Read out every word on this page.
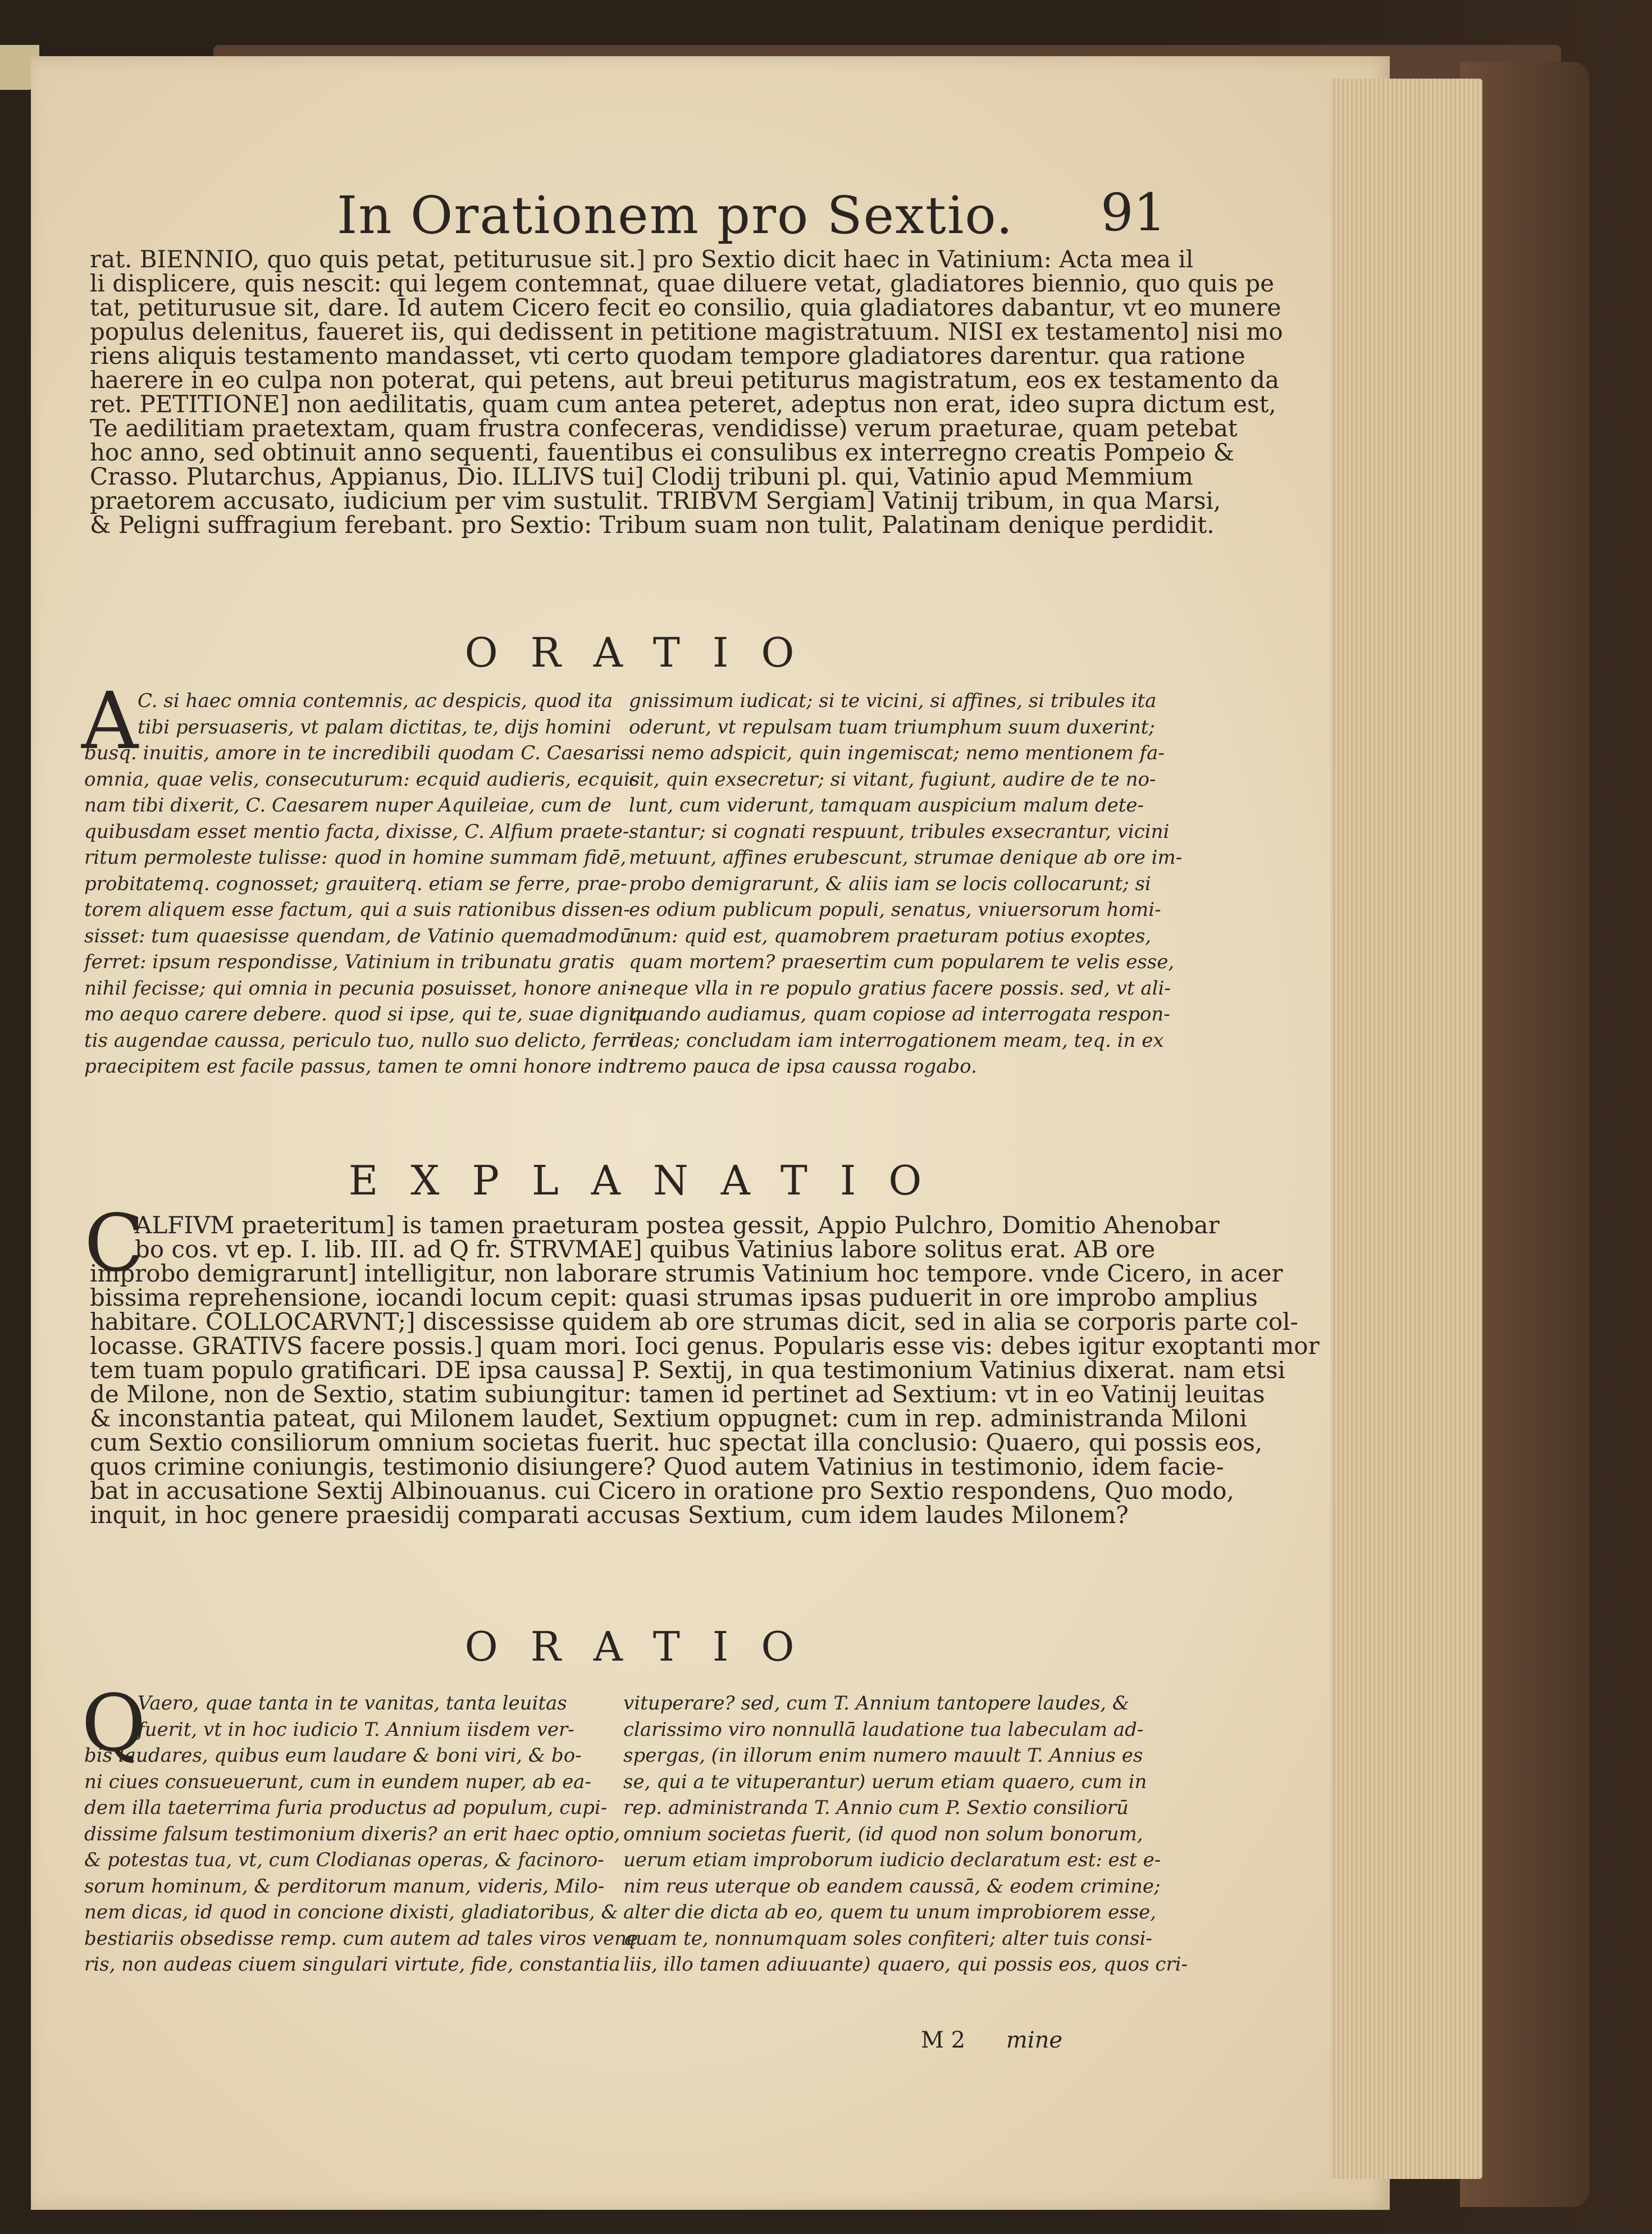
In Orationem pro Sextio. 91

rat. BIENNIO, quo quis petat, petiturusue sit.] pro Sextio dicit haec in Vatinium: Acta mea il

li displicere, quis nescit: qui legem contemnat, quae diluere vetat, gladiatores biennio, quo quis pe

tat, petiturusue sit, dare. Id autem Cicero fecit eo consilio, quia gladiatores dabantur, vt eo munere

populus delenitus, faueret iis, qui dedissent in petitione magistratuum. NISI ex testamento] nisi mo

riens aliquis testamento mandasset, vti certo quodam tempore gladiatores darentur. qua ratione

haerere in eo culpa non poterat, qui petens, aut breui petiturus magistratum, eos ex testamento da

ret. PETITIONE] non aedilitatis, quam cum antea peteret, adeptus non erat, ideo supra dictum est,

Te aedilitiam praetextam, quam frustra confeceras, vendidisse) verum praeturae, quam petebat

hoc anno, sed obtinuit anno sequenti, fauentibus ei consulibus ex interregno creatis Pompeio &

Crasso. Plutarchus, Appianus, Dio. ILLIVS tui] Clodij tribuni pl. qui, Vatinio apud Memmium

praetorem accusato, iudicium per vim sustulit. TRIBVM Sergiam] Vatinij tribum, in qua Marsi,

& Peligni suffragium ferebant. pro Sextio: Tribum suam non tulit, Palatinam denique perdidit.

ORATIO
A

C. si haec omnia contemnis, ac despicis, quod ita

tibi persuaseris, vt palam dictitas, te, dijs homini

busq. inuitis, amore in te incredibili quodam C. Caesaris

omnia, quae velis, consecuturum: ecquid audieris, ecquis

nam tibi dixerit, C. Caesarem nuper Aquileiae, cum de

quibusdam esset mentio facta, dixisse, C. Alfium praete-

ritum permoleste tulisse: quod in homine summam fidē,

probitatemq. cognosset; grauiterq. etiam se ferre, prae-

torem aliquem esse factum, qui a suis rationibus dissen-

sisset: tum quaesisse quendam, de Vatinio quemadmodū

ferret: ipsum respondisse, Vatinium in tribunatu gratis

nihil fecisse; qui omnia in pecunia posuisset, honore ani-

mo aequo carere debere. quod si ipse, qui te, suae dignita

tis augendae caussa, periculo tuo, nullo suo delicto, ferri

praecipitem est facile passus, tamen te omni honore indi

gnissimum iudicat; si te vicini, si affines, si tribules ita

oderunt, vt repulsam tuam triumphum suum duxerint;

si nemo adspicit, quin ingemiscat; nemo mentionem fa-

cit, quin exsecretur; si vitant, fugiunt, audire de te no-

lunt, cum viderunt, tamquam auspicium malum dete-

stantur; si cognati respuunt, tribules exsecrantur, vicini

metuunt, affines erubescunt, strumae denique ab ore im-

probo demigrarunt, & aliis iam se locis collocarunt; si

es odium publicum populi, senatus, vniuersorum homi-

num: quid est, quamobrem praeturam potius exoptes,

quam mortem? praesertim cum popularem te velis esse,

neque vlla in re populo gratius facere possis. sed, vt ali-

quando audiamus, quam copiose ad interrogata respon-

deas; concludam iam interrogationem meam, teq. in ex

tremo pauca de ipsa caussa rogabo.

EXPLANATIO
C

ALFIVM praeteritum] is tamen praeturam postea gessit, Appio Pulchro, Domitio Ahenobar

bo cos. vt ep. I. lib. III. ad Q fr. STRVMAE] quibus Vatinius labore solitus erat. AB ore

improbo demigrarunt] intelligitur, non laborare strumis Vatinium hoc tempore. vnde Cicero, in acer

bissima reprehensione, iocandi locum cepit: quasi strumas ipsas puduerit in ore improbo amplius

habitare. COLLOCARVNT;] discessisse quidem ab ore strumas dicit, sed in alia se corporis parte col-

locasse. GRATIVS facere possis.] quam mori. Ioci genus. Popularis esse vis: debes igitur exoptanti mor

tem tuam populo gratificari. DE ipsa caussa] P. Sextij, in qua testimonium Vatinius dixerat. nam etsi

de Milone, non de Sextio, statim subiungitur: tamen id pertinet ad Sextium: vt in eo Vatinij leuitas

& inconstantia pateat, qui Milonem laudet, Sextium oppugnet: cum in rep. administranda Miloni

cum Sextio consiliorum omnium societas fuerit. huc spectat illa conclusio: Quaero, qui possis eos,

quos crimine coniungis, testimonio disiungere? Quod autem Vatinius in testimonio, idem facie-

bat in accusatione Sextij Albinouanus. cui Cicero in oratione pro Sextio respondens, Quo modo,

inquit, in hoc genere praesidij comparati accusas Sextium, cum idem laudes Milonem?

ORATIO
Q

Vaero, quae tanta in te vanitas, tanta leuitas

fuerit, vt in hoc iudicio T. Annium iisdem ver-

bis laudares, quibus eum laudare & boni viri, & bo-

ni ciues consueuerunt, cum in eundem nuper, ab ea-

dem illa taeterrima furia productus ad populum, cupi-

dissime falsum testimonium dixeris? an erit haec optio,

& potestas tua, vt, cum Clodianas operas, & facinoro-

sorum hominum, & perditorum manum, videris, Milo-

nem dicas, id quod in concione dixisti, gladiatoribus, &

bestiariis obsedisse remp. cum autem ad tales viros vene

ris, non audeas ciuem singulari virtute, fide, constantia

vituperare? sed, cum T. Annium tantopere laudes, &

clarissimo viro nonnullā laudatione tua labeculam ad-

spergas, (in illorum enim numero mauult T. Annius es

se, qui a te vituperantur) uerum etiam quaero, cum in

rep. administranda T. Annio cum P. Sextio consiliorū

omnium societas fuerit, (id quod non solum bonorum,

uerum etiam improborum iudicio declaratum est: est e-

nim reus uterque ob eandem caussā, & eodem crimine;

alter die dicta ab eo, quem tu unum improbiorem esse,

quam te, nonnumquam soles confiteri; alter tuis consi-

liis, illo tamen adiuuante) quaero, qui possis eos, quos cri-

M 2 mine
